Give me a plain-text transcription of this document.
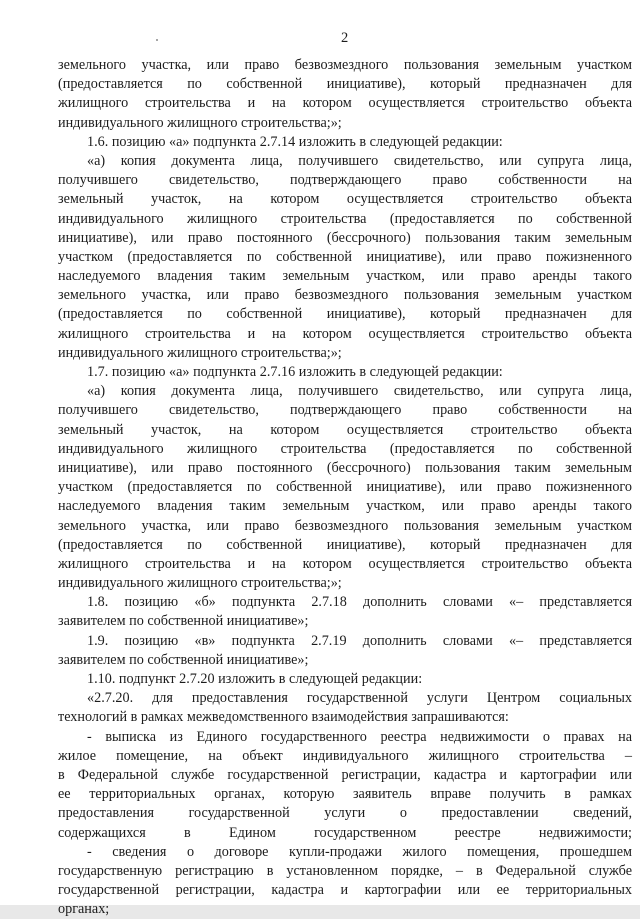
2
земельного участка, или право безвозмездного пользования земельным участком
(предоставляется по собственной инициативе), который предназначен для
жилищного строительства и на котором осуществляется строительство объекта
индивидуального жилищного строительства;»;
1.6. позицию «а» подпункта 2.7.14 изложить в следующей редакции:
«а) копия документа лица, получившего свидетельство, или супруга лица,
получившего свидетельство, подтверждающего право собственности на
земельный участок, на котором осуществляется строительство объекта
индивидуального жилищного строительства (предоставляется по собственной
инициативе), или право постоянного (бессрочного) пользования таким земельным
участком (предоставляется по собственной инициативе), или право пожизненного
наследуемого владения таким земельным участком, или право аренды такого
земельного участка, или право безвозмездного пользования земельным участком
(предоставляется по собственной инициативе), который предназначен для
жилищного строительства и на котором осуществляется строительство объекта
индивидуального жилищного строительства;»;
1.7. позицию «а» подпункта 2.7.16 изложить в следующей редакции:
«а) копия документа лица, получившего свидетельство, или супруга лица,
получившего свидетельство, подтверждающего право собственности на
земельный участок, на котором осуществляется строительство объекта
индивидуального жилищного строительства (предоставляется по собственной
инициативе), или право постоянного (бессрочного) пользования таким земельным
участком (предоставляется по собственной инициативе), или право пожизненного
наследуемого владения таким земельным участком, или право аренды такого
земельного участка, или право безвозмездного пользования земельным участком
(предоставляется по собственной инициативе), который предназначен для
жилищного строительства и на котором осуществляется строительство объекта
индивидуального жилищного строительства;»;
1.8. позицию «б» подпункта 2.7.18 дополнить словами «– представляется
заявителем по собственной инициативе»;
1.9. позицию «в» подпункта 2.7.19 дополнить словами «– представляется
заявителем по собственной инициативе»;
1.10. подпункт 2.7.20 изложить в следующей редакции:
«2.7.20. для предоставления государственной услуги Центром социальных
технологий в рамках межведомственного взаимодействия запрашиваются:
- выписка из Единого государственного реестра недвижимости о правах на
жилое помещение, на объект индивидуального жилищного строительства –
в Федеральной службе государственной регистрации, кадастра и картографии или
ее территориальных органах, которую заявитель вправе получить в рамках
предоставления государственной услуги о предоставлении сведений,
содержащихся в Едином государственном реестре недвижимости;
- сведения о договоре купли-продажи жилого помещения, прошедшем
государственную регистрацию в установленном порядке, – в Федеральной службе
государственной регистрации, кадастра и картографии или ее территориальных
органах;
